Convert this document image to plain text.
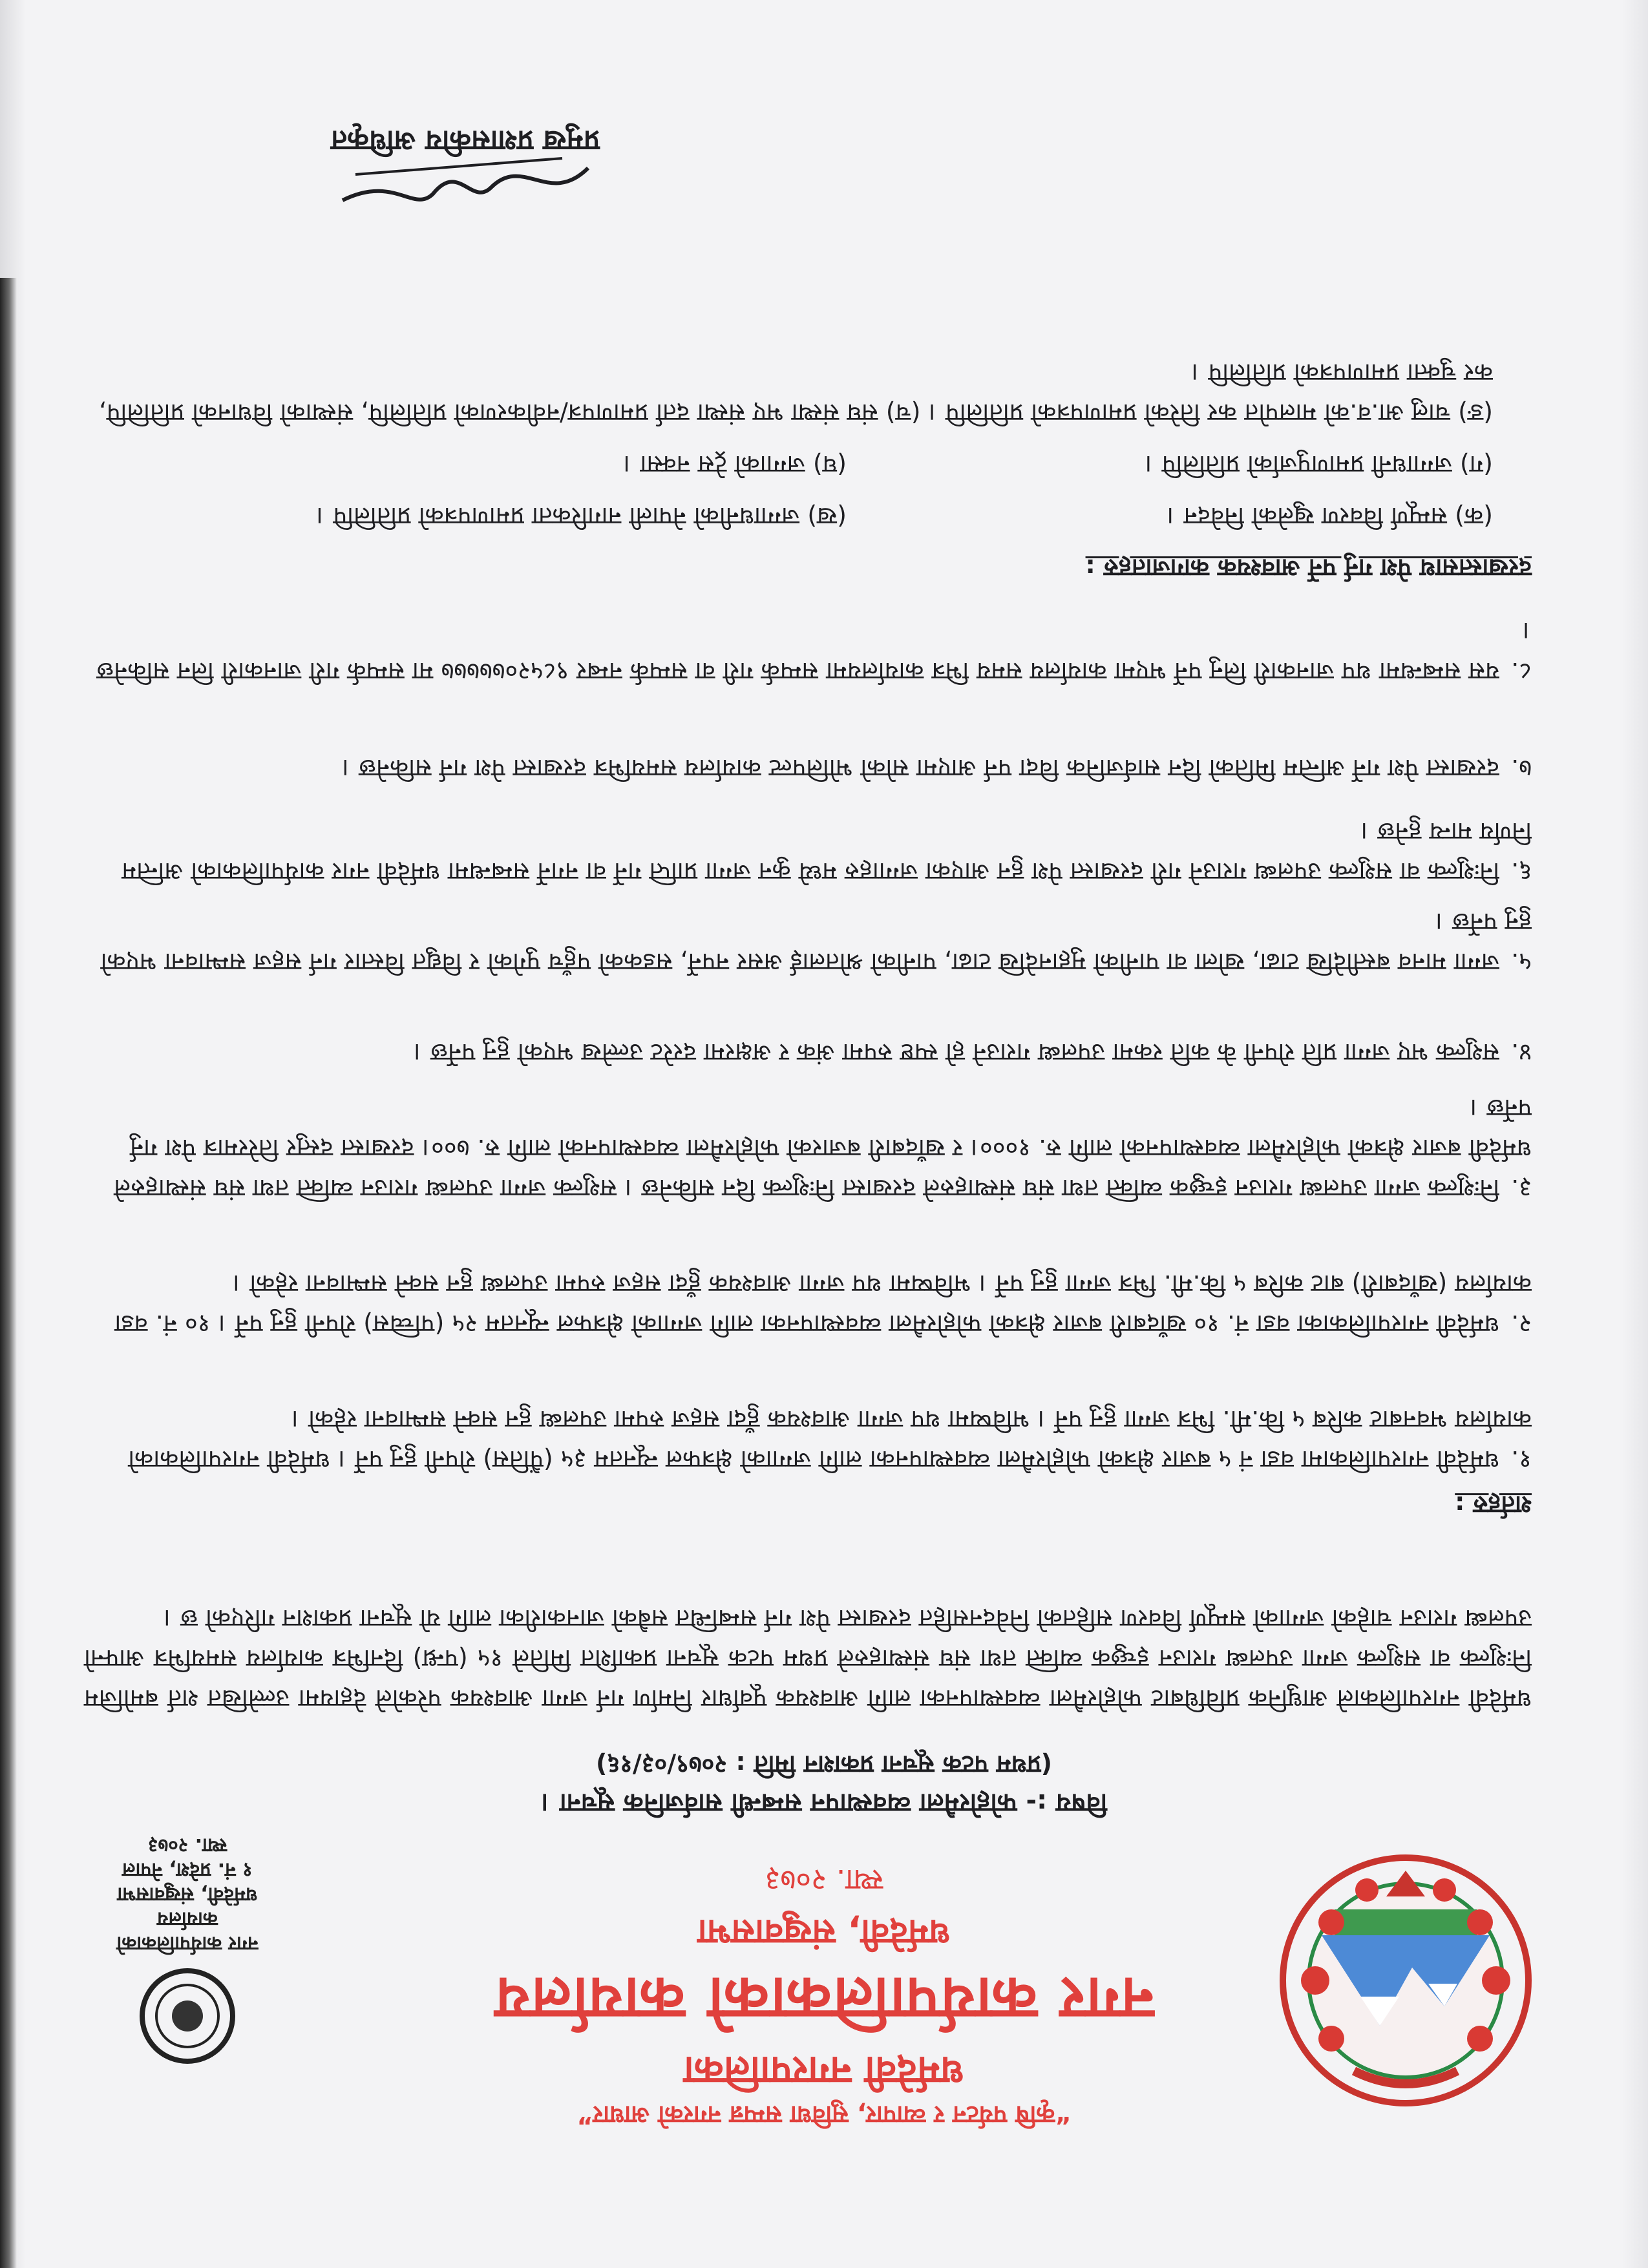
“कृषि पर्यटन र व्यापार, सुविधा सम्पन्न नगरको आधार”
धर्मदेवी नगरपालिका
नगर कार्यपालिकाको कार्यालय
धर्मदेवी, संखुवासभा
स्था. २०७३
नगर कार्यपालिकाको
कार्यालय
धर्मदेवी, संखुवासभा
१ नं. प्रदेश, नेपाल
स्था. २०७३
विषय :- फोहोरमैला व्यवस्थापन सम्बन्धी सार्वजनिक सूचना ।
(प्रथम पटक सूचना प्रकाशन मिति : २०७९/०३/१६)
धर्मदेवी नगरपालिकाले आधुनिक प्रविधिबाट फोहोरमैला व्यवस्थापनका लागि आवश्यक पूर्वाधार निर्माण गर्न जग्गा आवश्यक परेकोले देहायमा उल्लेखित शर्त बमोजिम निःशुल्क वा सशुल्क जग्गा उपलब्ध गराउन इच्छुक व्यक्ति तथा संघ संस्थाहरुले प्रथम पटक सूचना प्रकाशित मितिले १५ (पन्ध्र) दिनभित्र कार्यालय समयभित्र आफ्नो उपलब्ध गराउन चाहेको जग्गाको सम्पूर्ण विवरण सहितको निवेदनसहित दरखास्त पेश गर्न सम्बन्धित सबैको जानकारीका लागि यो सूचना प्रकाशन गरिएको छ ।
शर्तहरु :
१.धर्मदेवी नगरपालिकामा वडा नं ५ बजार क्षेत्रको फोहोरमैला व्यवस्थापनका लागि जग्गाको क्षेत्रफल न्यूनतम ३५ (पैंतिस) रोपनी हुनु पर्ने । धर्मदेवी नगरपालिकाको कार्यालय भवनबाट करिब ५ कि.मी. भित्र जग्गा हुनु पर्ने । भविष्यमा थप जग्गा आवश्यक हुँदा सहज रुपमा उपलब्ध हुन सक्ने सम्भावना रहेको ।
२.धर्मदेवी नगरपालिकाका वडा नं. १० खाँदबारी बजार क्षेत्रको फोहोरमैला व्यवस्थापनका लागि जग्गाको क्षेत्रफल न्यूनतम २५ (पच्चिस) रोपनी हुनु पर्ने । १० नं. वडा कार्यालय (खाँदबारी) बाट करिब ५ कि.मी. भित्र जग्गा हुनु पर्ने । भविष्यमा थप जग्गा आवश्यक हुँदा सहज रुपमा उपलब्ध हुन सक्ने सम्भावना रहेको ।
३.निःशुल्क जग्गा उपलब्ध गराउन इच्छुक व्यक्ति तथा संघ संस्थाहरुले दरखास्त निःशुल्क दिन सकिनेछ । सशुल्क जग्गा उपलब्ध गराउन व्यक्ति तथा संघ संस्थाहरुले धर्मदेवी बजार क्षेत्रको फोहोरमैला व्यवस्थापनको लागि रु. १०००। र खाँदबारी बजारको फोहोरमैला व्यवस्थापनको लागि रु. ७००। दरखास्त दस्तुर तिरेरमात्र पेश गर्नु पर्नेछ ।
४.सशुल्क भए जग्गा प्रति रोपनी के कति रकमा उपलब्ध गराउने हो स्पष्ट रुपमा अंक र अक्षरमा दररेट उल्लेख भएको हुनु पर्नेछ ।
५.जग्गा मानव बस्तीदेखि टाढा, खोला वा पानीको मुहानदेखि टाढा, पानीको श्रोतलाई असर नपर्ने, सडकको पहुँच पुगेको र विद्युत विस्तार गर्न सहज सम्भावना भएको हुनु पर्नेछ ।
६.निःशुल्क वा सशुल्क उपलब्ध गराउने गरी दरखास्त पेश हुन आएका जग्गाहरु मध्ये कुन जग्गा प्राप्ति गर्ने वा नगर्ने सम्बन्धमा धर्मदेवी नगर कार्यपालिकाको अन्तिम निर्णय मान्य हुनेछ ।
७.दरखास्त पेश गर्ने अन्तिम मितिको दिन सार्वजनिक विदा पर्न आएमा सोको भोलिपल्ट कार्यालय समयभित्र दरखास्त पेश गर्न सकिनेछ ।
८.यस सम्बन्धमा थप जानकारी लिनु पर्ने भएमा कार्यालय समय भित्र कार्यालयमा सम्पर्क गरी वा सम्पर्क नम्बर ९८५२०७७७७७ मा सम्पर्क गरी जानकारी लिन सकिनेछ ।
दरखास्तसाथ पेश गर्नु पर्ने आवश्यक कागजातहरु :
(क) सम्पूर्ण विवरण खुलेको निवेदन ।(ख) जग्गाधनीको नेपाली नागरिकता प्रमाणपत्रको प्रतिलिपि ।
(ग) जग्गाधनी प्रमाणपुर्जाको प्रतिलिपि ।(घ) जग्गाको ट्रेस नक्सा ।
(ङ) चालु आ.व.को मालपोत कर तिरेको प्रमाणपत्रको प्रतिलिपि । (च) संघ संस्था भए संस्था दर्ता प्रमाणपत्र/नवीकरणको प्रतिलिपि, संस्थाको विधानको प्रतिलिपि, कर चुक्ता प्रमाणपत्रको प्रतिलिपि ।
प्रमुख प्रशासकीय अधिकृत
